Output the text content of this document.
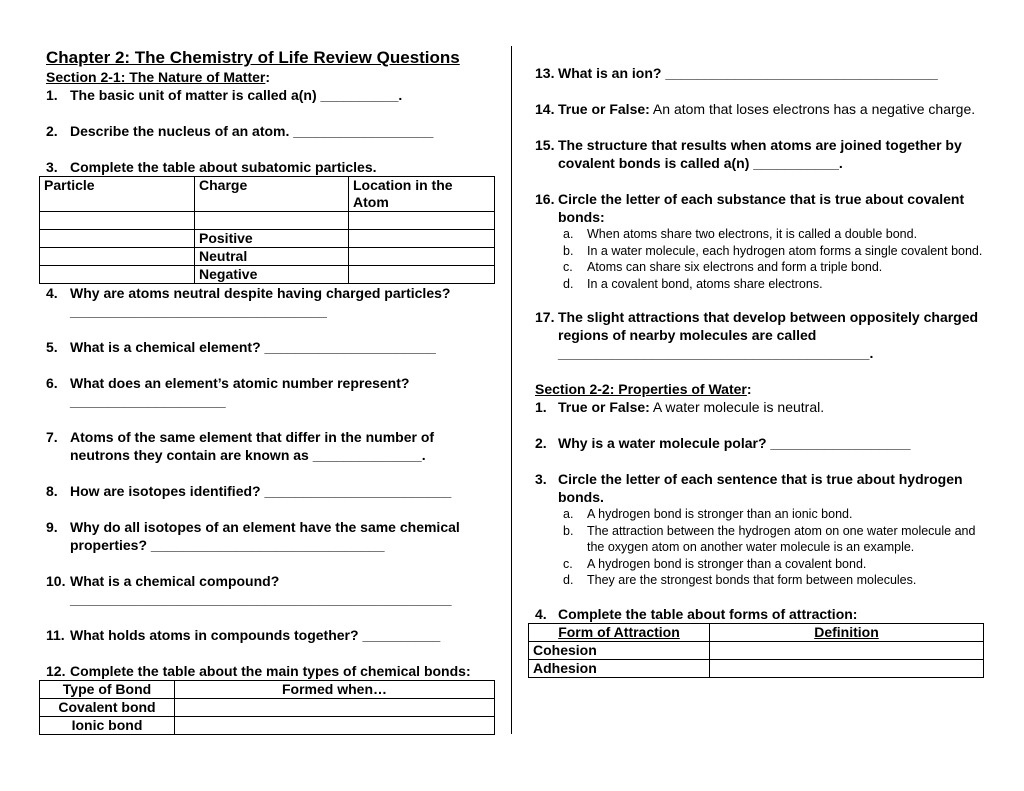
Chapter 2: The Chemistry of Life Review Questions
Section 2-1: The Nature of Matter:
1. The basic unit of matter is called a(n) __________.
2. Describe the nucleus of an atom. __________________
3. Complete the table about subatomic particles.
Particle	Charge	Location in the Atom

	Positive	
	Neutral	
	Negative	
4. Why are atoms neutral despite having charged particles? _________________________________
5. What is a chemical element? ______________________
6. What does an element’s atomic number represent? ____________________
7. Atoms of the same element that differ in the number of neutrons they contain are known as ______________.
8. How are isotopes identified? ________________________
9. Why do all isotopes of an element have the same chemical properties? ______________________________
10. What is a chemical compound? _________________________________________________
11. What holds atoms in compounds together? __________
12. Complete the table about the main types of chemical bonds:
Type of Bond	Formed when…
Covalent bond	
Ionic bond	
13. What is an ion? ___________________________________
14. True or False: An atom that loses electrons has a negative charge.
15. The structure that results when atoms are joined together by covalent bonds is called a(n) ___________.
16. Circle the letter of each substance that is true about covalent bonds:
a.	When atoms share two electrons, it is called a double bond.
b.	In a water molecule, each hydrogen atom forms a single covalent bond.
c.	Atoms can share six electrons and form a triple bond.
d.	In a covalent bond, atoms share electrons.
17. The slight attractions that develop between oppositely charged regions of nearby molecules are called ________________________________________.
Section 2-2: Properties of Water:
1. True or False: A water molecule is neutral.
2. Why is a water molecule polar? __________________
3. Circle the letter of each sentence that is true about hydrogen bonds.
a.	A hydrogen bond is stronger than an ionic bond.
b.	The attraction between the hydrogen atom on one water molecule and the oxygen atom on another water molecule is an example.
c.	A hydrogen bond is stronger than a covalent bond.
d.	They are the strongest bonds that form between molecules.
4. Complete the table about forms of attraction:
Form of Attraction	Definition
Cohesion	
Adhesion	
